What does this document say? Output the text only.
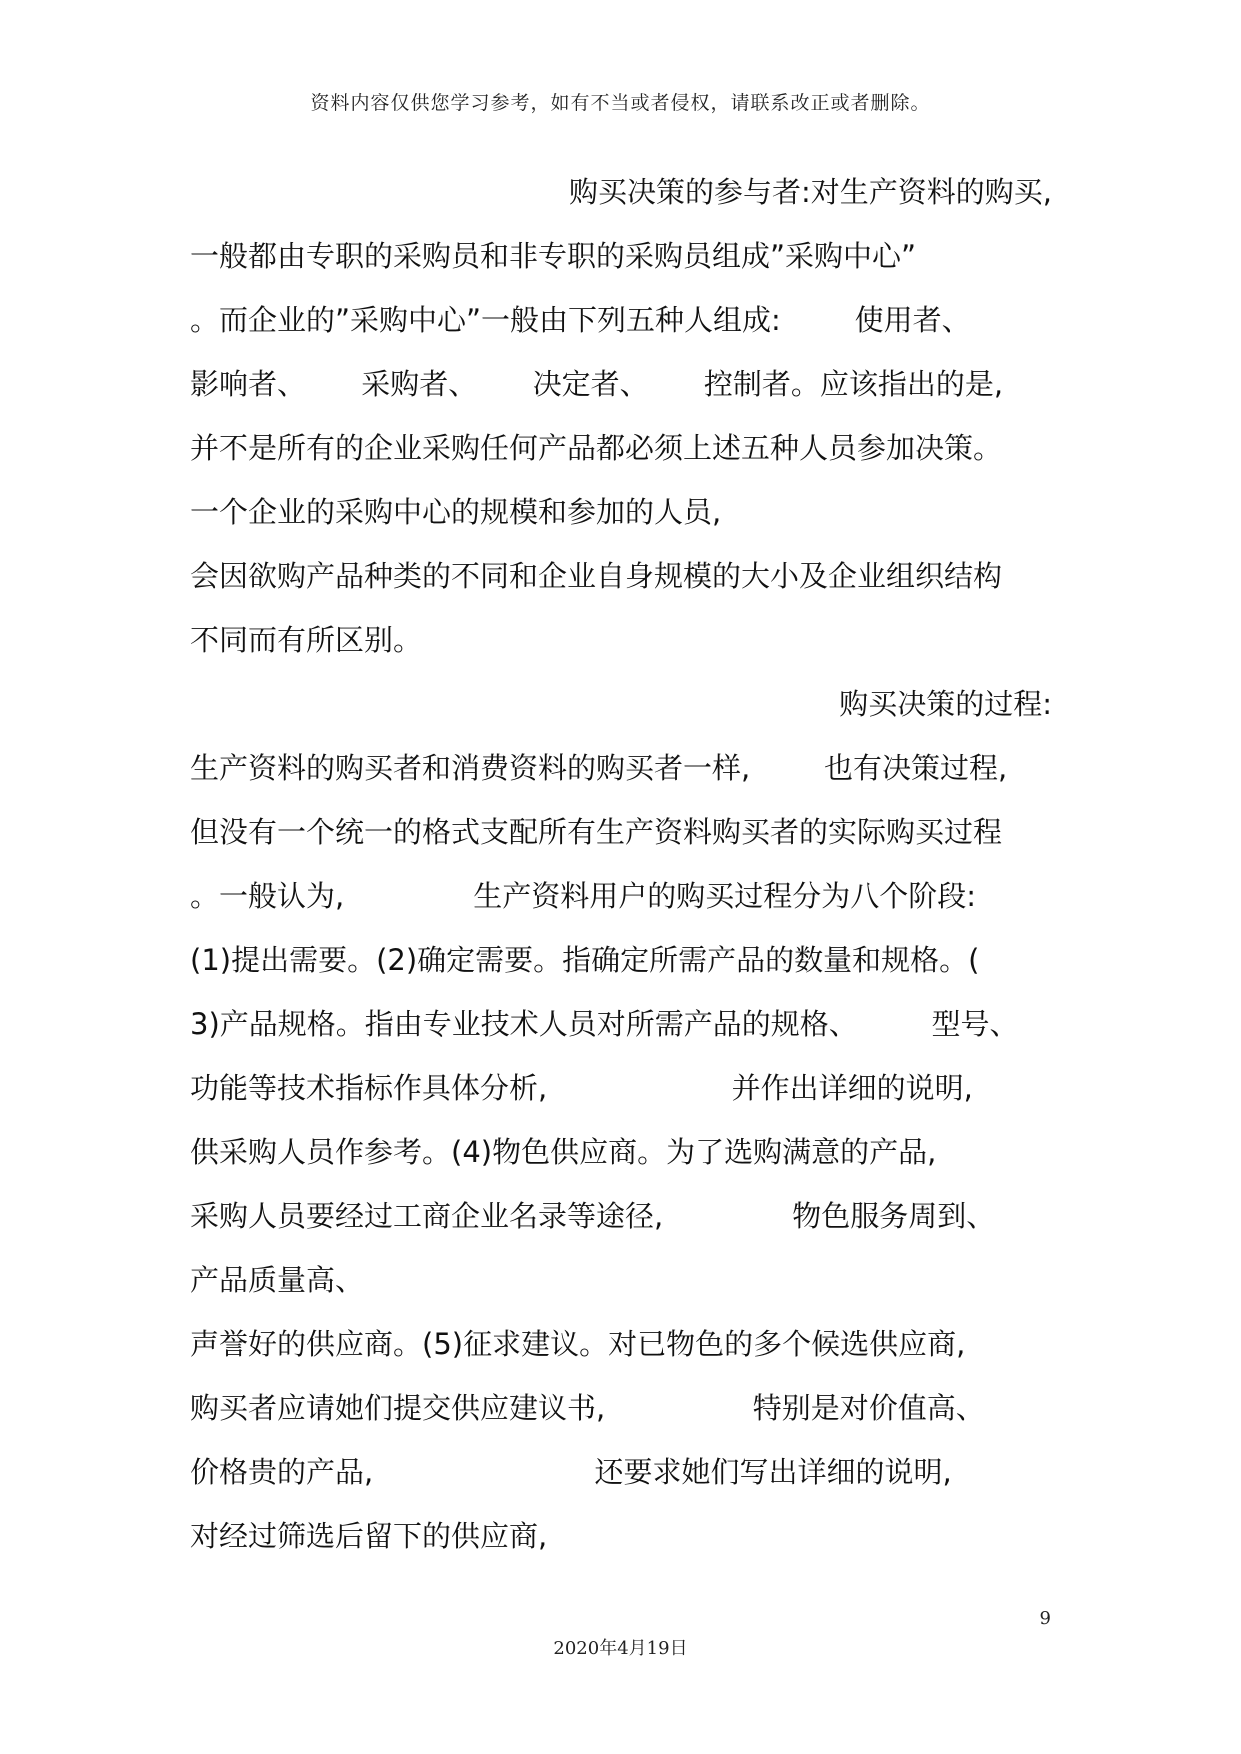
资料内容仅供您学习参考，如有不当或者侵权，请联系改正或者删除。
购买决策的参与者:对生产资料的购买,
一般都由专职的采购员和非专职的采购员组成”采购中心”
。而企业的”采购中心”一般由下列五种人组成:        使用者、
影响者、      采购者、      决定者、      控制者。应该指出的是,
并不是所有的企业采购任何产品都必须上述五种人员参加决策。
一个企业的采购中心的规模和参加的人员,
会因欲购产品种类的不同和企业自身规模的大小及企业组织结构
不同而有所区别。
购买决策的过程:
生产资料的购买者和消费资料的购买者一样,        也有决策过程,
但没有一个统一的格式支配所有生产资料购买者的实际购买过程
。一般认为,              生产资料用户的购买过程分为八个阶段:
(1)提出需要。(2)确定需要。指确定所需产品的数量和规格。(
3)产品规格。指由专业技术人员对所需产品的规格、        型号、
功能等技术指标作具体分析,                    并作出详细的说明,
供采购人员作参考。(4)物色供应商。为了选购满意的产品,
采购人员要经过工商企业名录等途径,              物色服务周到、
产品质量高、
声誉好的供应商。(5)征求建议。对已物色的多个候选供应商,
购买者应请她们提交供应建议书,                特别是对价值高、
价格贵的产品,                        还要求她们写出详细的说明,
对经过筛选后留下的供应商,
9
2020年4月19日
